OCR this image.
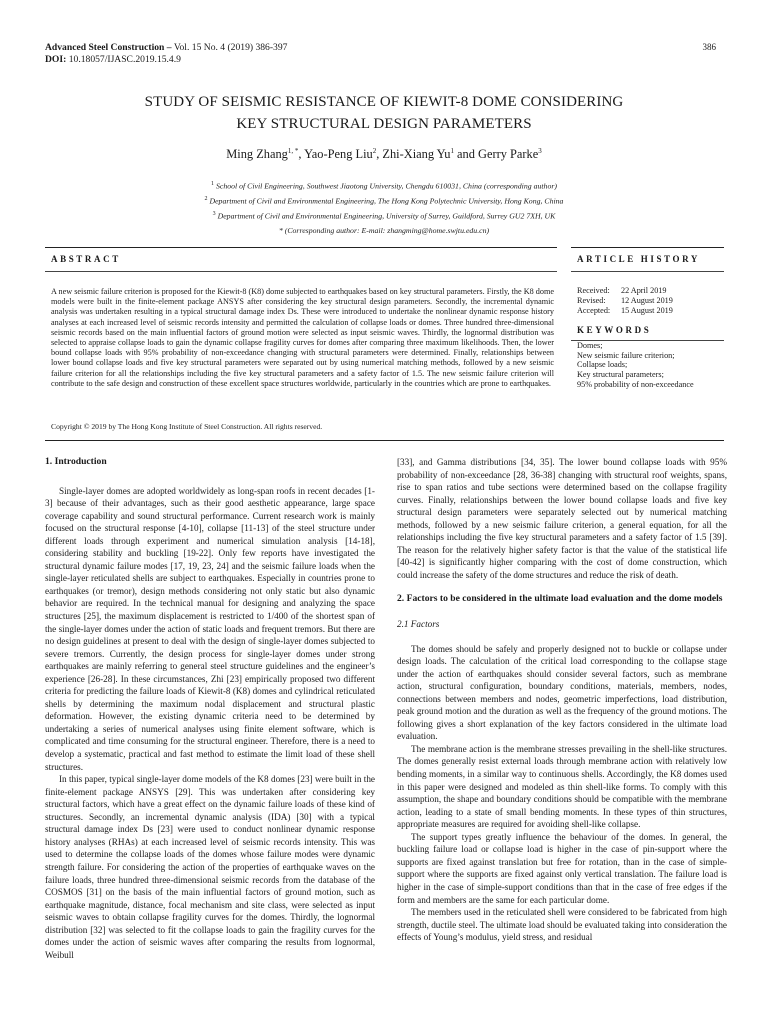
Advanced Steel Construction – Vol. 15 No. 4 (2019) 386-397
DOI: 10.18057/IJASC.2019.15.4.9
386
STUDY OF SEISMIC RESISTANCE OF KIEWIT-8 DOME CONSIDERING
KEY STRUCTURAL DESIGN PARAMETERS
Ming Zhang$^{1, *}$, Yao-Peng Liu$^2$, Zhi-Xiang Yu$^1$ and Gerry Parke$^3$
$^1$ School of Civil Engineering, Southwest Jiaotong University, Chengdu 610031, China (corresponding author)
$^2$ Department of Civil and Environmental Engineering, The Hong Kong Polytechnic University, Hong Kong, China
$^3$ Department of Civil and Environmental Engineering, University of Surrey, Guildford, Surrey GU2 7XH, UK
* (Corresponding author: E-mail: zhangming@home.swjtu.edu.cn)
ABSTRACT	ARTICLE HISTORY
KEYWORDS
A new seismic failure criterion is proposed for the Kiewit-8 (K8) dome subjected to earthquakes based on key structural parameters. Firstly, the K8 dome models were built in the finite-element package ANSYS after considering the key structural design parameters. Secondly, the incremental dynamic analysis was undertaken resulting in a typical structural damage index Ds. These were introduced to undertake the nonlinear dynamic response history analyses at each increased level of seismic records intensity and permitted the calculation of collapse loads or domes. Three hundred three-dimensional seismic records based on the main influential factors of ground motion were selected as input seismic waves. Thirdly, the lognormal distribution was selected to appraise collapse loads to gain the dynamic collapse fragility curves for domes after comparing three maximum likelihoods. Then, the lower bound collapse loads with 95% probability of non-exceedance changing with structural parameters were determined. Finally, relationships between lower bound collapse loads and five key structural parameters were separated out by using numerical matching methods, followed by a new seismic failure criterion for all the relationships including the five key structural parameters and a safety factor of 1.5. The new seismic failure criterion will contribute to the safe design and construction of these excellent space structures worldwide, particularly in the countries which are prone to earthquakes.
Copyright © 2019 by The Hong Kong Institute of Steel Construction. All rights reserved.
Received:	22 April 2019
Revised:	12 August 2019
Accepted:	15 August 2019
Domes;
New seismic failure criterion;
Collapse loads;
Key structural parameters;
95% probability of non-exceedance

1. Introduction

Single-layer domes are adopted worldwidely as long-span roofs in recent decades [1-3] because of their advantages, such as their good aesthetic appearance, large space coverage capability and sound structural performance. Current research work is mainly focused on the structural response [4-10], collapse [11-13] of the steel structure under different loads through experiment and numerical simulation analysis [14-18], considering stability and buckling [19-22]. Only few reports have investigated the structural dynamic failure modes [17, 19, 23, 24] and the seismic failure loads when the single-layer reticulated shells are subject to earthquakes. Especially in countries prone to earthquakes (or tremor), design methods considering not only static but also dynamic behavior are required. In the technical manual for designing and analyzing the space structures [25], the maximum displacement is restricted to 1/400 of the shortest span of the single-layer domes under the action of static loads and frequent tremors. But there are no design guidelines at present to deal with the design of single-layer domes subjected to severe tremors. Currently, the design process for single-layer domes under strong earthquakes are mainly referring to general steel structure guidelines and the engineer’s experience [26-28]. In these circumstances, Zhi [23] empirically proposed two different criteria for predicting the failure loads of Kiewit-8 (K8) domes and cylindrical reticulated shells by determining the maximum nodal displacement and structural plastic deformation. However, the existing dynamic criteria need to be determined by undertaking a series of numerical analyses using finite element software, which is complicated and time consuming for the structural engineer. Therefore, there is a need to develop a systematic, practical and fast method to estimate the limit load of these shell structures.

In this paper, typical single-layer dome models of the K8 domes [23] were built in the finite-element package ANSYS [29]. This was undertaken after considering key structural factors, which have a great effect on the dynamic failure loads of these kind of structures. Secondly, an incremental dynamic analysis (IDA) [30] with a typical structural damage index Ds [23] were used to conduct nonlinear dynamic response history analyses (RHAs) at each increased level of seismic records intensity. This was used to determine the collapse loads of the domes whose failure modes were dynamic strength failure. For considering the action of the properties of earthquake waves on the failure loads, three hundred three-dimensional seismic records from the database of the COSMOS [31] on the basis of the main influential factors of ground motion, such as earthquake magnitude, distance, focal mechanism and site class, were selected as input seismic waves to obtain collapse fragility curves for the domes. Thirdly, the lognormal distribution [32] was selected to fit the collapse loads to gain the fragility curves for the domes under the action of seismic waves after comparing the results from lognormal, Weibull

[33], and Gamma distributions [34, 35]. The lower bound collapse loads with 95% probability of non-exceedance [28, 36-38] changing with structural roof weights, spans, rise to span ratios and tube sections were determined based on the collapse fragility curves. Finally, relationships between the lower bound collapse loads and five key structural design parameters were separately selected out by numerical matching methods, followed by a new seismic failure criterion, a general equation, for all the relationships including the five key structural parameters and a safety factor of 1.5 [39]. The reason for the relatively higher safety factor is that the value of the statistical life [40-42] is significantly higher comparing with the cost of dome construction, which could increase the safety of the dome structures and reduce the risk of death.

2. Factors to be considered in the ultimate load evaluation and the dome models

2.1 Factors

The domes should be safely and properly designed not to buckle or collapse under design loads. The calculation of the critical load corresponding to the collapse stage under the action of earthquakes should consider several factors, such as membrane action, structural configuration, boundary conditions, materials, members, nodes, connections between members and nodes, geometric imperfections, load distribution, peak ground motion and the duration as well as the frequency of the ground motions. The following gives a short explanation of the key factors considered in the ultimate load evaluation.

The membrane action is the membrane stresses prevailing in the shell-like structures. The domes generally resist external loads through membrane action with relatively low bending moments, in a similar way to continuous shells. Accordingly, the K8 domes used in this paper were designed and modeled as thin shell-like forms. To comply with this assumption, the shape and boundary conditions should be compatible with the membrane action, leading to a state of small bending moments. In these types of thin structures, appropriate measures are required for avoiding shell-like collapse.

The support types greatly influence the behaviour of the domes. In general, the buckling failure load or collapse load is higher in the case of pin-support where the supports are fixed against translation but free for rotation, than in the case of simple-support where the supports are fixed against only vertical translation. The failure load is higher in the case of simple-support conditions than that in the case of free edges if the form and members are the same for each particular dome.

The members used in the reticulated shell were considered to be fabricated from high strength, ductile steel. The ultimate load should be evaluated taking into consideration the effects of Young’s modulus, yield stress, and residual
